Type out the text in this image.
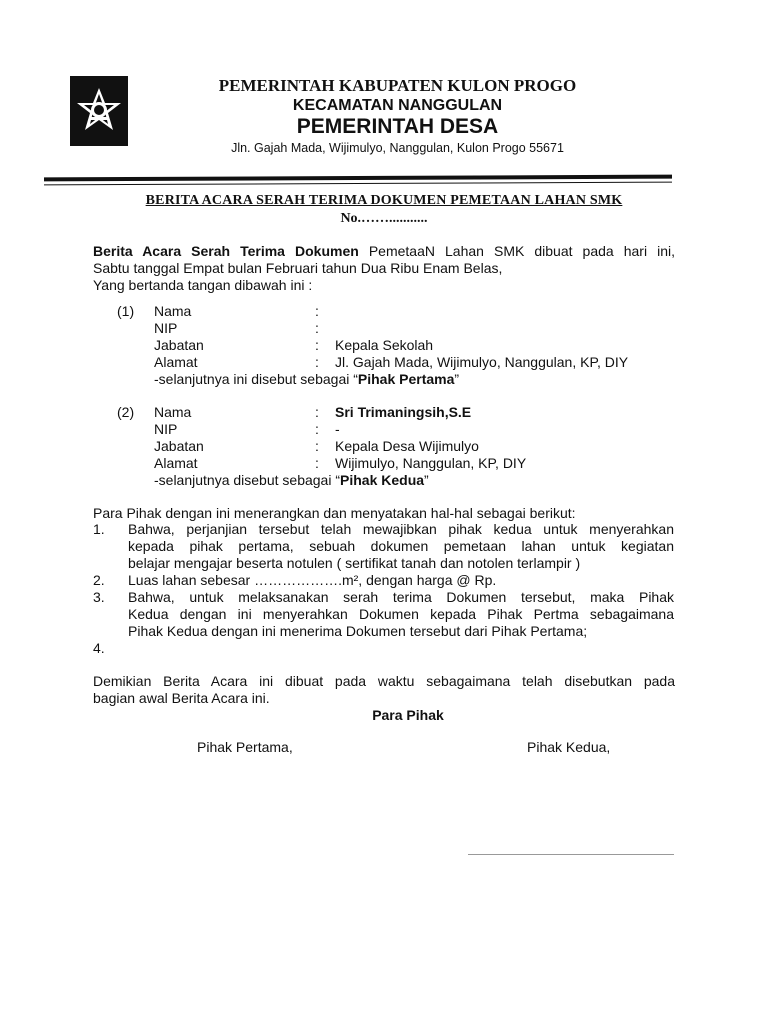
PEMERINTAH KABUPATEN KULON PROGO
KECAMATAN NANGGULAN
PEMERINTAH DESA
Jln. Gajah Mada, Wijimulyo, Nanggulan, Kulon Progo 55671
BERITA ACARA SERAH TERIMA DOKUMEN PEMETAAN LAHAN SMK
No.……...........
Berita Acara Serah Terima Dokumen PemetaaN Lahan SMK dibuat pada hari ini,
Sabtu tanggal Empat bulan Februari tahun Dua Ribu Enam Belas,
Yang bertanda tangan dibawah ini :
(1) Nama	:
NIP	:
Jabatan	: Kepala Sekolah
Alamat	: Jl. Gajah Mada, Wijimulyo, Nanggulan, KP, DIY
-selanjutnya ini disebut sebagai “Pihak Pertama”
(2) Nama	: Sri Trimaningsih,S.E
NIP	: -
Jabatan	: Kepala Desa Wijimulyo
Alamat	: Wijimulyo, Nanggulan, KP, DIY
-selanjutnya disebut sebagai “Pihak Kedua”
Para Pihak dengan ini menerangkan dan menyatakan hal-hal sebagai berikut:
1. Bahwa, perjanjian tersebut telah mewajibkan pihak kedua untuk menyerahkan
kepada pihak pertama, sebuah dokumen pemetaan lahan untuk kegiatan
belajar mengajar beserta notulen ( sertifikat tanah dan notolen terlampir )
2. Luas lahan sebesar ……………….m², dengan harga @ Rp.
3. Bahwa, untuk melaksanakan serah terima Dokumen tersebut, maka Pihak
Kedua dengan ini menyerahkan Dokumen kepada Pihak Pertma sebagaimana
Pihak Kedua dengan ini menerima Dokumen tersebut dari Pihak Pertama;
4.
Demikian Berita Acara ini dibuat pada waktu sebagaimana telah disebutkan pada
bagian awal Berita Acara ini.
Para Pihak
Pihak Pertama,	Pihak Kedua,
